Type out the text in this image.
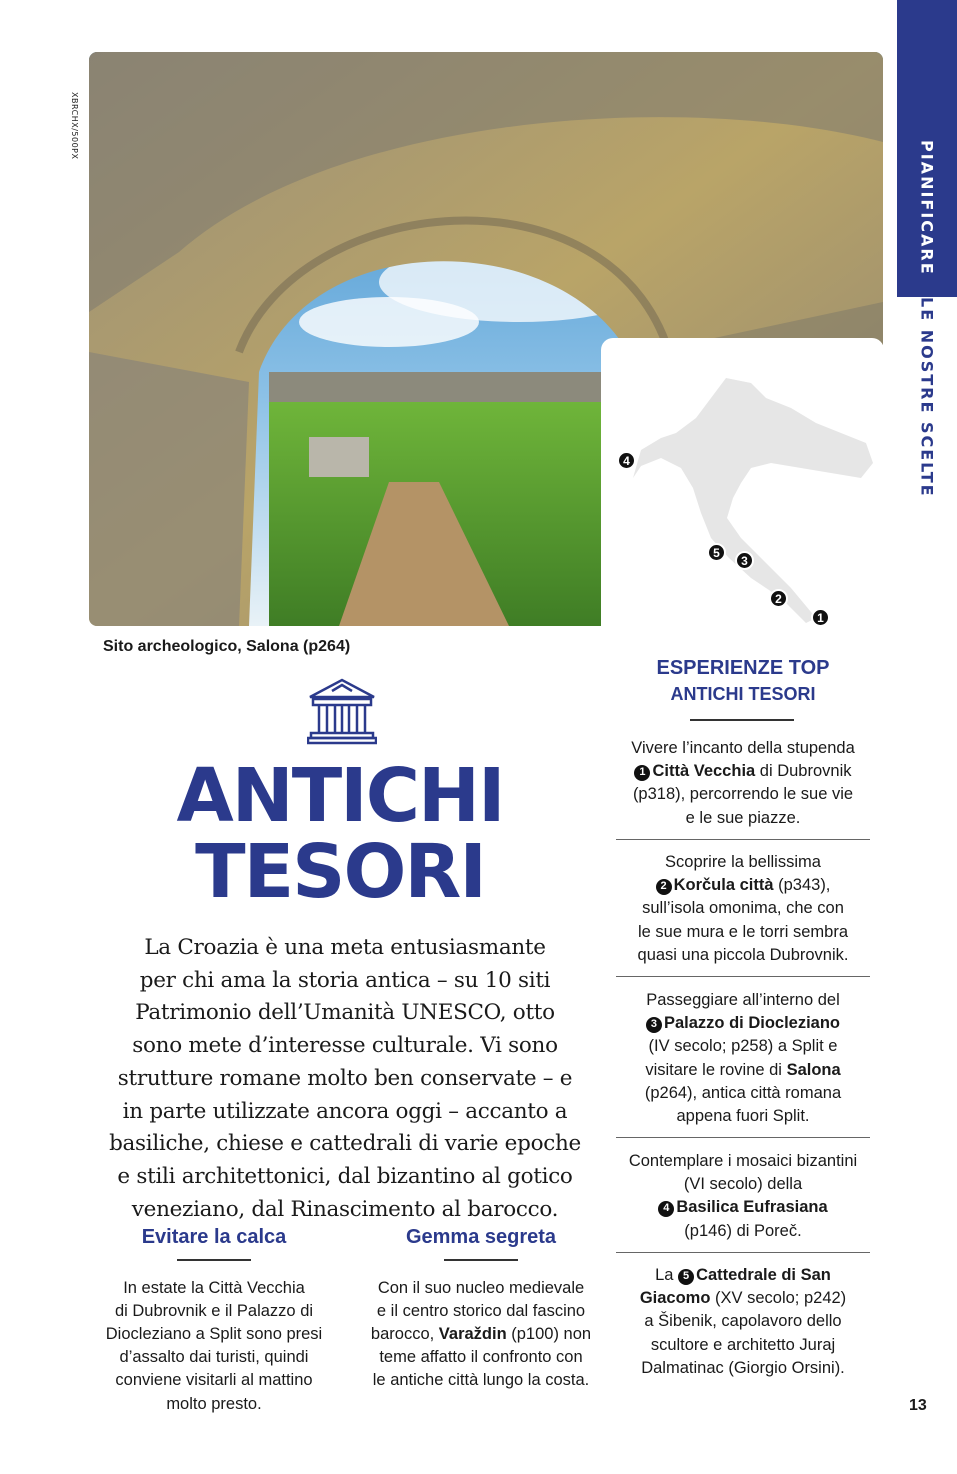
PIANIFICARE
LE NOSTRE SCELTE
XBRCHX/500PX
4
5
3
2
1
Sito archeologico, Salona (p264)
ANTICHI
TESORI
La Croazia è una meta entusiasmante
per chi ama la storia antica – su 10 siti
Patrimonio dell’Umanità UNESCO, otto
sono mete d’interesse culturale. Vi sono
strutture romane molto ben conservate – e
in parte utilizzate ancora oggi – accanto a
basiliche, chiese e cattedrali di varie epoche
e stili architettonici, dal bizantino al gotico
veneziano, dal Rinascimento al barocco.
Evitare la calca
In estate la Città Vecchia
di Dubrovnik e il Palazzo di
Diocleziano a Split sono presi
d’assalto dai turisti, quindi
conviene visitarli al mattino
molto presto.
Gemma segreta
Con il suo nucleo medievale
e il centro storico dal fascino
barocco, Varaždin (p100) non
teme affatto il confronto con
le antiche città lungo la costa.
ESPERIENZE TOP
ANTICHI TESORI
Vivere l’incanto della stupenda
1 Città Vecchia di Dubrovnik
(p318), percorrendo le sue vie
e le sue piazze.
Scoprire la bellissima
2 Korčula città (p343),
sull’isola omonima, che con
le sue mura e le torri sembra
quasi una piccola Dubrovnik.
Passeggiare all’interno del
3 Palazzo di Diocleziano
(IV secolo; p258) a Split e
visitare le rovine di Salona
(p264), antica città romana
appena fuori Split.
Contemplare i mosaici bizantini
(VI secolo) della
4 Basilica Eufrasiana
(p146) di Poreč.
La 5 Cattedrale di San
Giacomo (XV secolo; p242)
a Šibenik, capolavoro dello
scultore e architetto Juraj
Dalmatinac (Giorgio Orsini).
13
